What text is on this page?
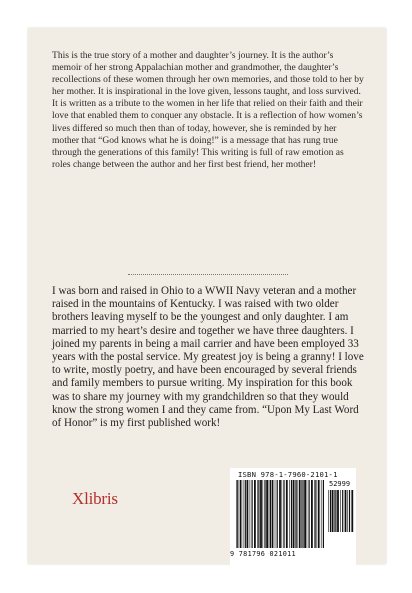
This is the true story of a mother and daughter’s journey. It is the author’s memoir of her strong Appalachian mother and grandmother, the daughter’s recollections of these women through her own memories, and those told to her by her mother. It is inspirational in the love given, lessons taught, and loss survived. It is written as a tribute to the women in her life that relied on their faith and their love that enabled them to conquer any obstacle. It is a reflection of how women’s lives differed so much then than of today, however, she is reminded by her mother that “God knows what he is doing!” is a message that has rung true through the generations of this family! This writing is full of raw emotion as roles change between the author and her first best friend, her mother!

I was born and raised in Ohio to a WWII Navy veteran and a mother raised in the mountains of Kentucky. I was raised with two older brothers leaving myself to be the youngest and only daughter. I am married to my heart’s desire and together we have three daughters. I joined my parents in being a mail carrier and have been employed 33 years with the postal service. My greatest joy is being a granny! I love to write, mostly poetry, and have been encouraged by several friends and family members to pursue writing. My inspiration for this book was to share my journey with my grandchildren so that they would know the strong women I and they came from. “Upon My Last Word of Honor” is my first published work!

Xlibris
ISBN 978-1-7960-2101-1
52999
9 781796 021011
